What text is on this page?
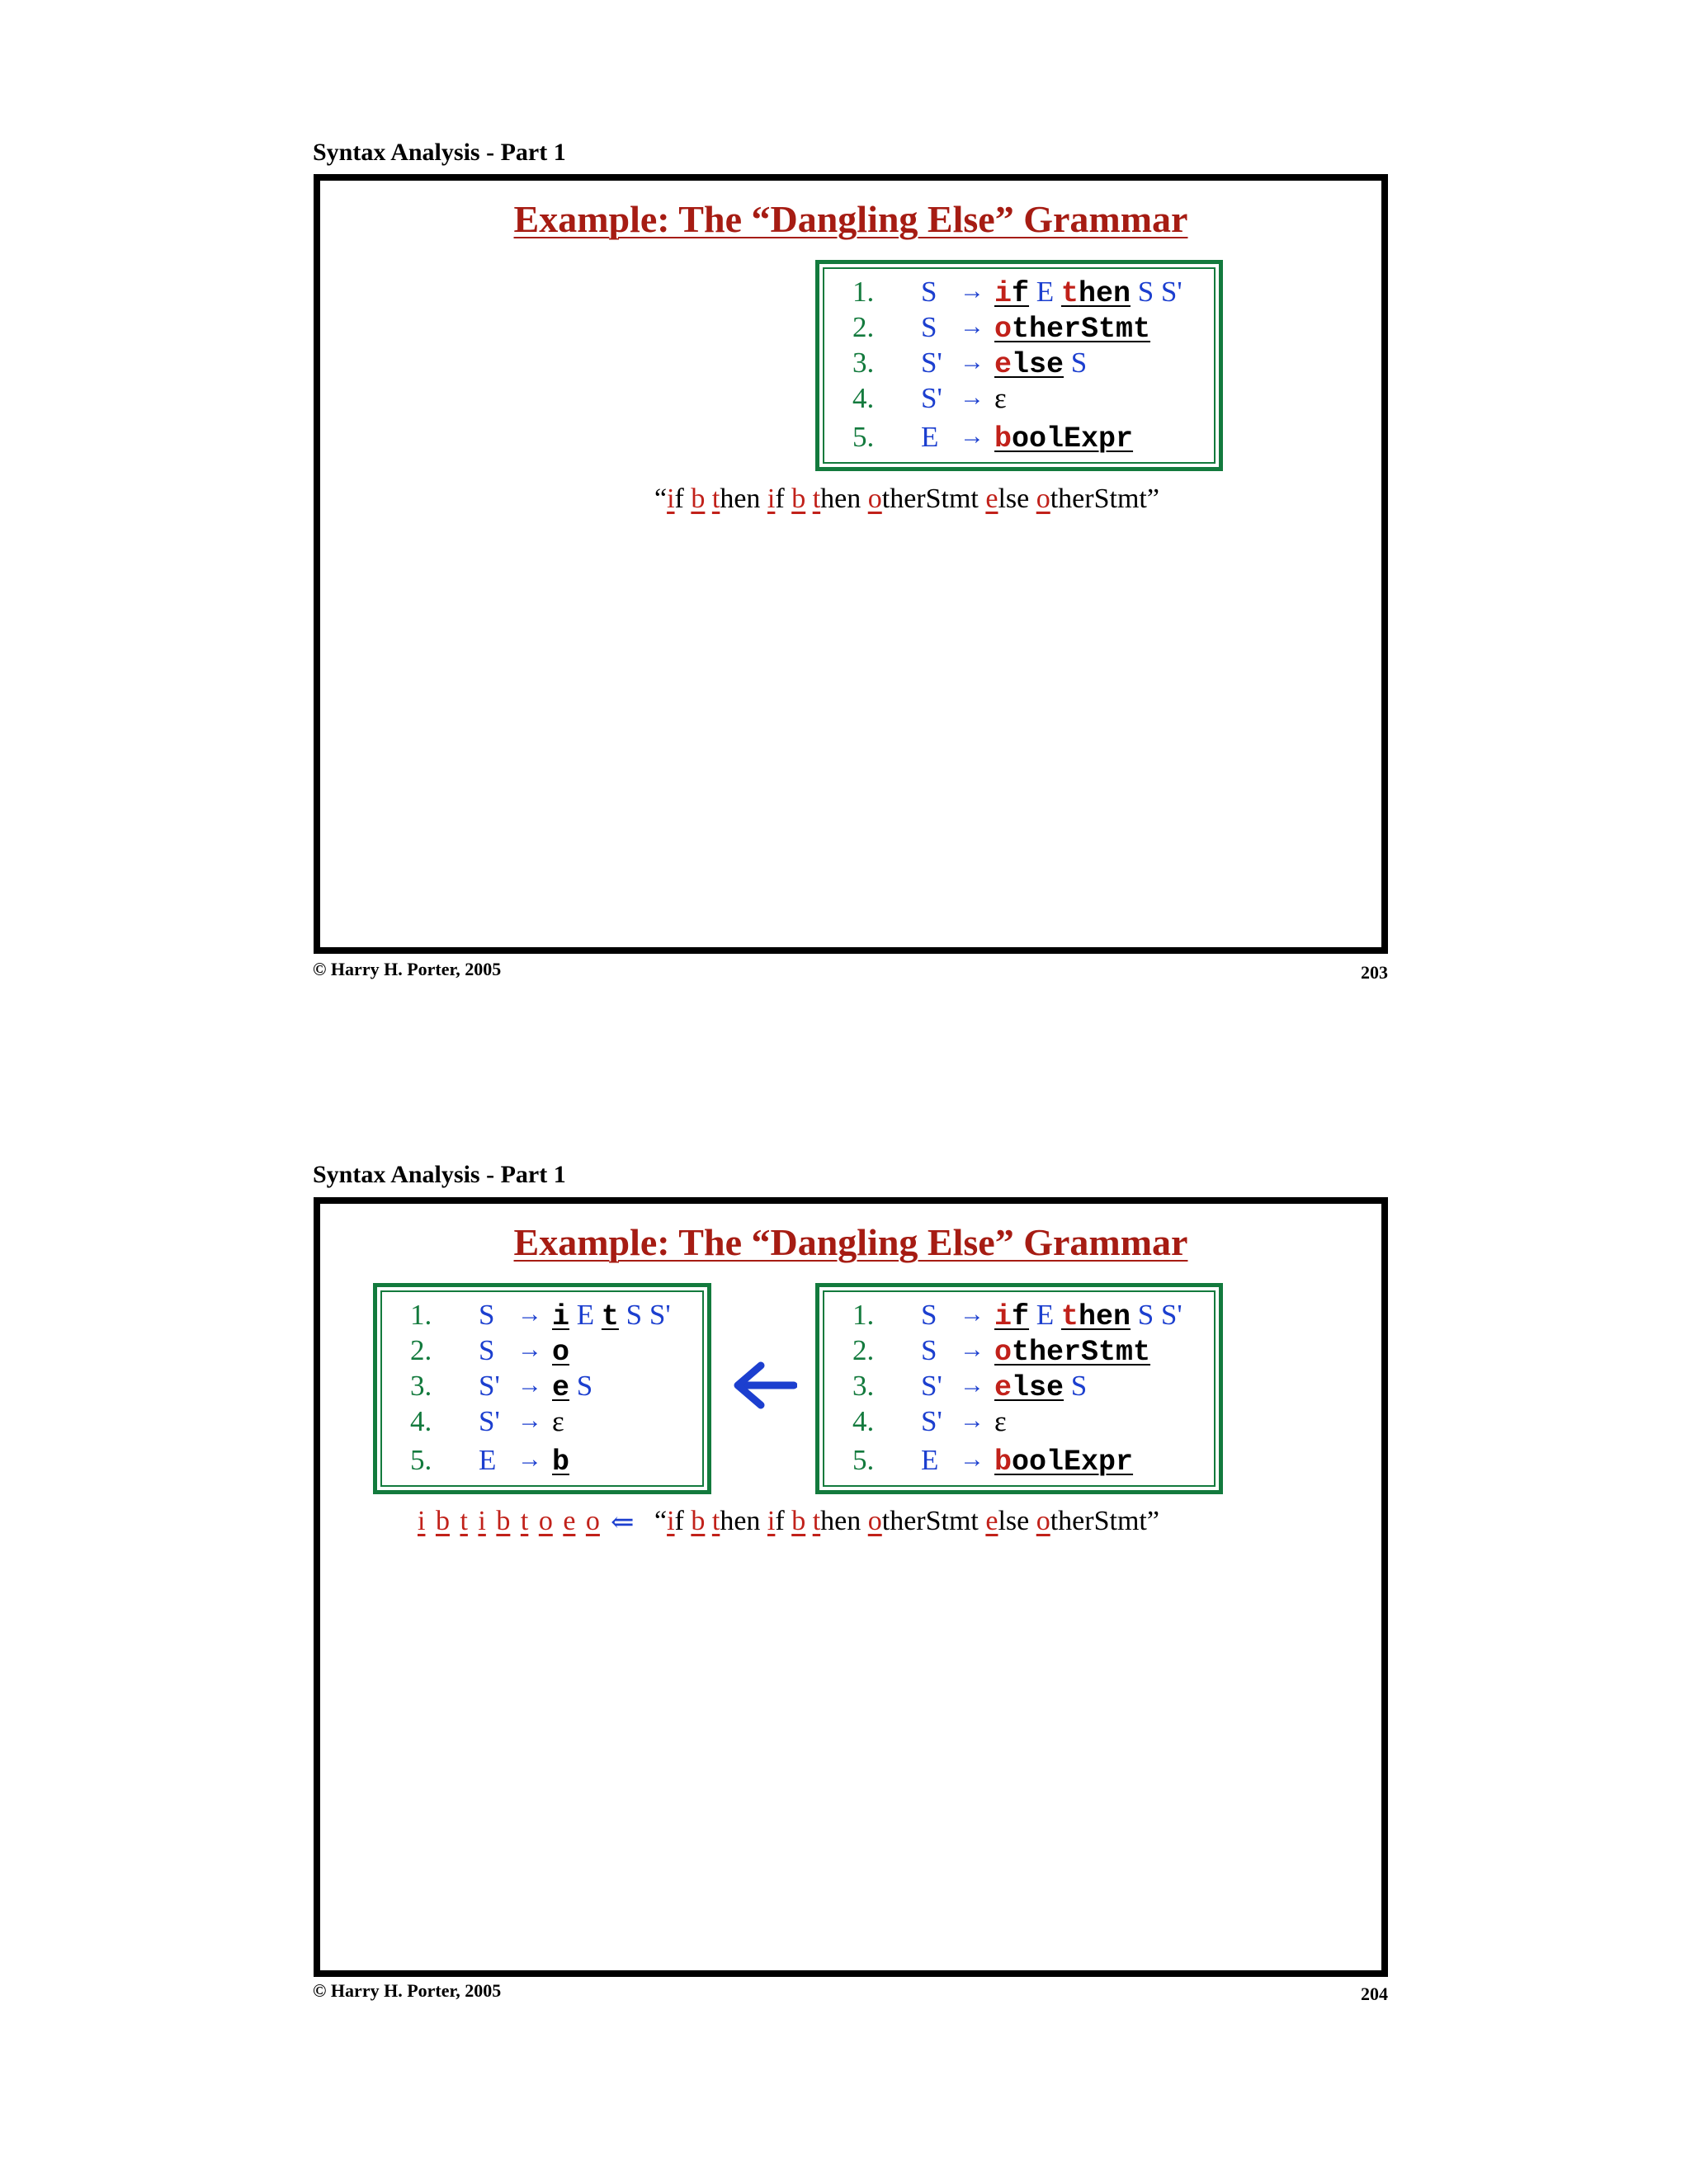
Syntax Analysis - Part 1
Example: The “Dangling Else” Grammar
1. S → if E then S S'
2. S → otherStmt
3. S' → else S
4. S' → ε
5. E → boolExpr
“if b then if b then otherStmt else otherStmt”
© Harry H. Porter, 2005	203
Syntax Analysis - Part 1
Example: The “Dangling Else” Grammar
1. S → i E t S S'
2. S → o
3. S' → e S
4. S' → ε
5. E → b
1. S → if E then S S'
2. S → otherStmt
3. S' → else S
4. S' → ε
5. E → boolExpr
i b t i b t o e o ⇐ “if b then if b then otherStmt else otherStmt”
© Harry H. Porter, 2005	204
